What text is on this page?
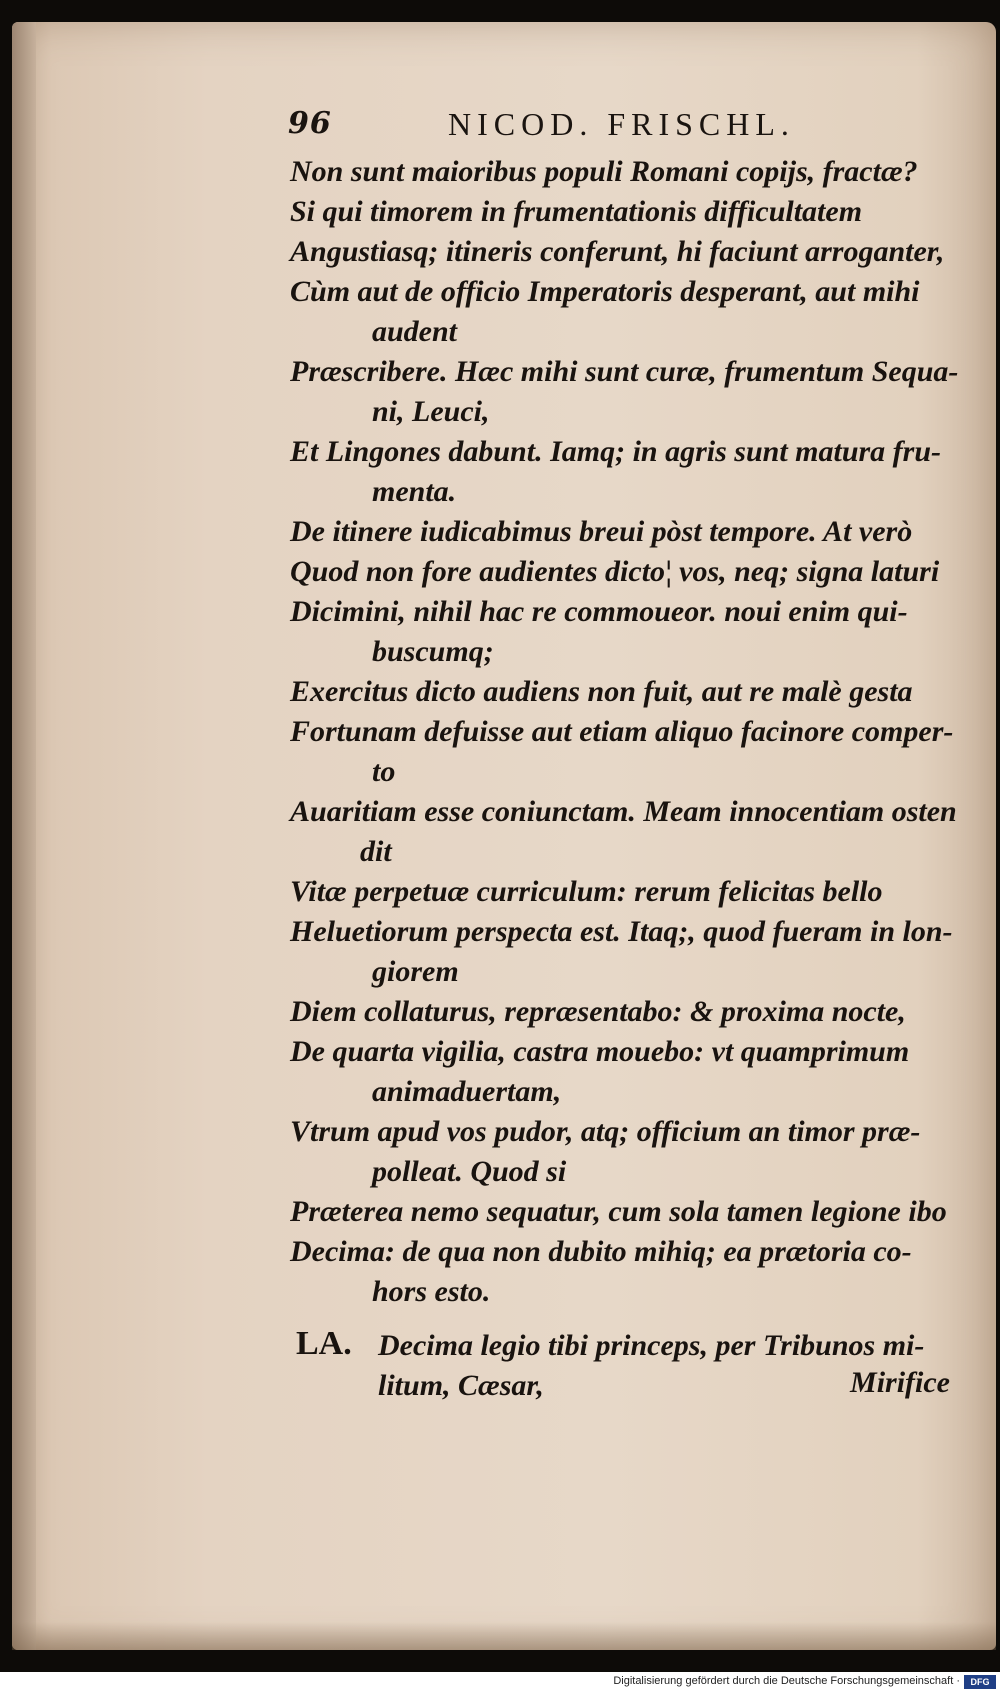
96	NICOD. FRISCHL.
Non sunt maioribus populi Romani copijs, fractæ?
Si qui timorem in frumentationis difficultatem
Angustiasq; itineris conferunt, hi faciunt arroganter,
Cùm aut de officio Imperatoris desperant, aut mihi
audent
Præscribere. Hæc mihi sunt curæ, frumentum Sequa-
ni, Leuci,
Et Lingones dabunt. Iamq; in agris sunt matura fru-
menta.
De itinere iudicabimus breui pòst tempore. At verò
Quod non fore audientes dicto¦ vos, neq; signa laturi
Dicimini, nihil hac re commoueor. noui enim qui-
buscumq;
Exercitus dicto audiens non fuit, aut re malè gesta
Fortunam defuisse aut etiam aliquo facinore comper-
to
Auaritiam esse coniunctam. Meam innocentiam osten
dit
Vitæ perpetuæ curriculum: rerum felicitas bello
Heluetiorum perspecta est. Itaq;, quod fueram in lon-
giorem
Diem collaturus, repræsentabo: & proxima nocte,
De quarta vigilia, castra mouebo: vt quamprimum
animaduertam,
Vtrum apud vos pudor, atq; officium an timor præ-
polleat. Quod si
Præterea nemo sequatur, cum sola tamen legione ibo
Decima: de qua non dubito mihiq; ea prætoria co-
hors esto.
LA. Decima legio tibi princeps, per Tribunos mi-
litum, Cæsar,	Mirifice
Digitalisierung gefördert durch die Deutsche Forschungsgemeinschaft ·	DFG
